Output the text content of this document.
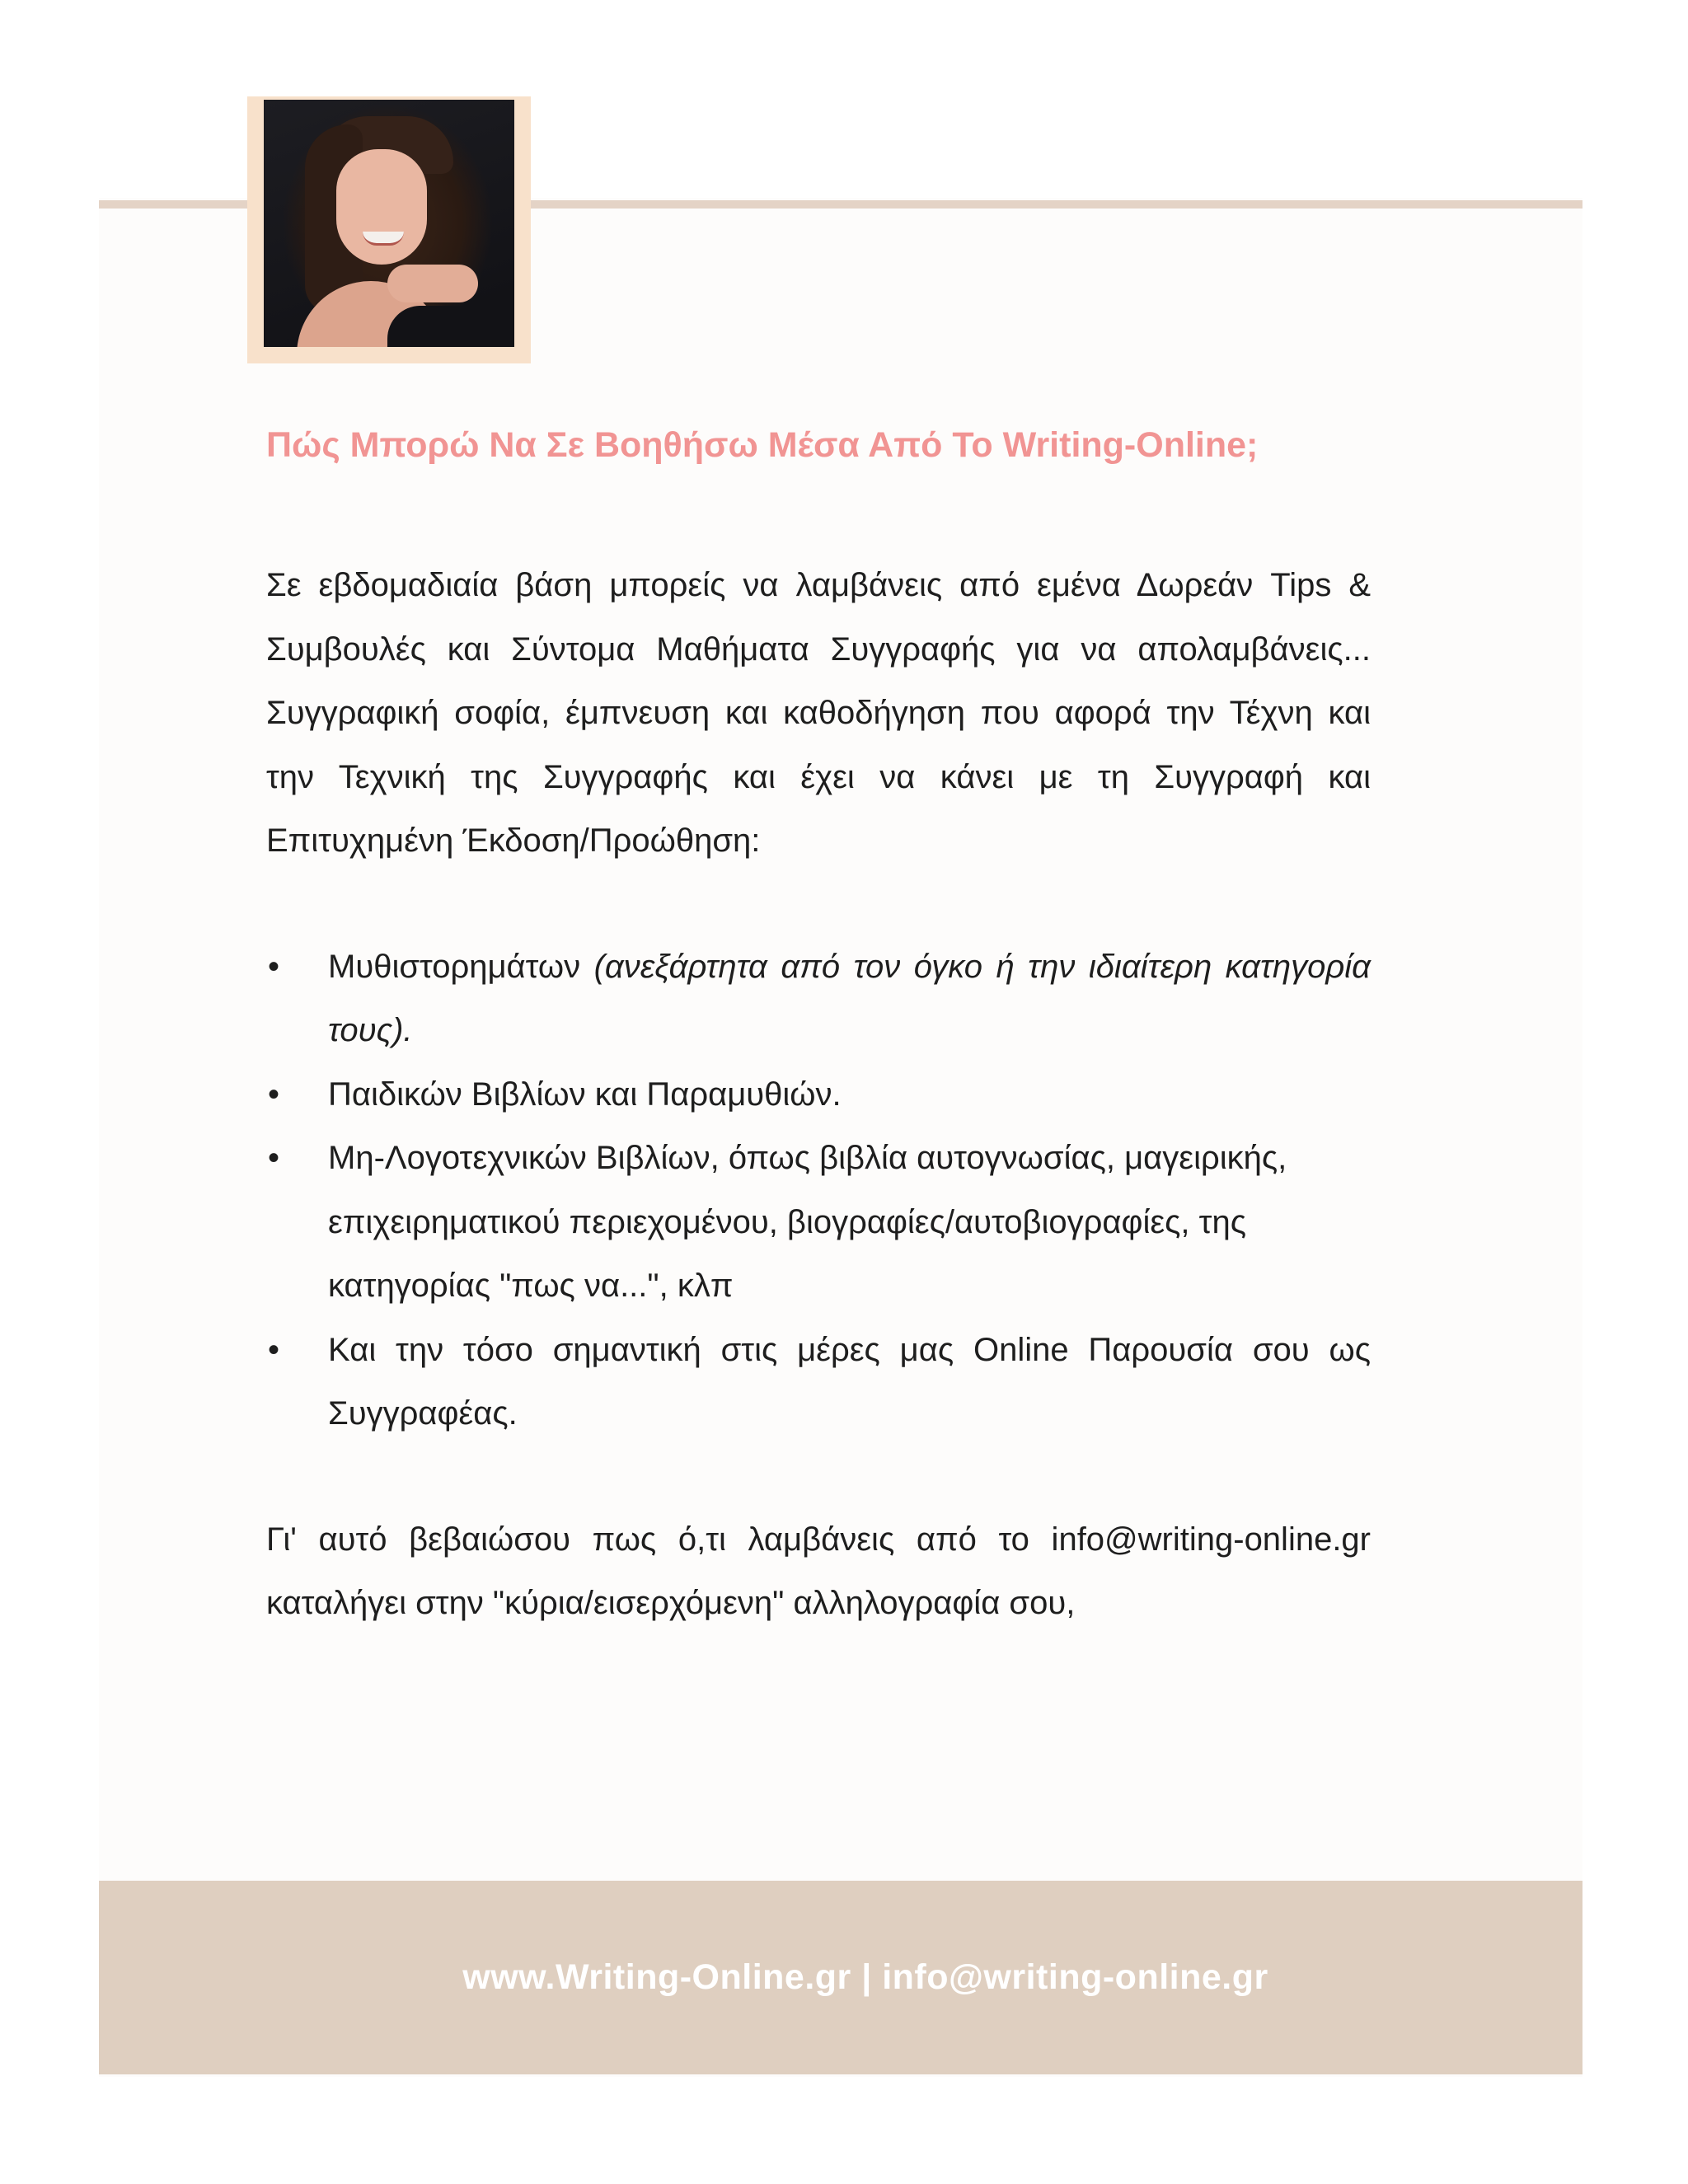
Πώς Μπορώ Να Σε Βοηθήσω Μέσα Από Το Writing-Online;

Σε εβδομαδιαία βάση μπορείς να λαμβάνεις από εμένα Δωρεάν Tips & Συμβουλές και Σύντομα Μαθήματα Συγγραφής για να απολαμβάνεις... Συγγραφική σοφία, έμπνευση και καθοδήγηση που αφορά την Τέχνη και την Τεχνική της Συγγραφής και έχει να κάνει με τη Συγγραφή και Επιτυχημένη Έκδοση/Προώθηση:

• Μυθιστορημάτων (ανεξάρτητα από τον όγκο ή την ιδιαίτερη κατηγορία τους).
• Παιδικών Βιβλίων και Παραμυθιών.
• Μη-Λογοτεχνικών Βιβλίων, όπως βιβλία αυτογνωσίας, μαγειρικής, επιχειρηματικού περιεχομένου, βιογραφίες/αυτοβιογραφίες, της κατηγορίας "πως να...", κλπ
• Και την τόσο σημαντική στις μέρες μας Online Παρουσία σου ως Συγγραφέας.

Γι' αυτό βεβαιώσου πως ό,τι λαμβάνεις από το info@writing-online.gr καταλήγει στην "κύρια/εισερχόμενη" αλληλογραφία σου,

www.Writing-Online.gr | info@writing-online.gr
